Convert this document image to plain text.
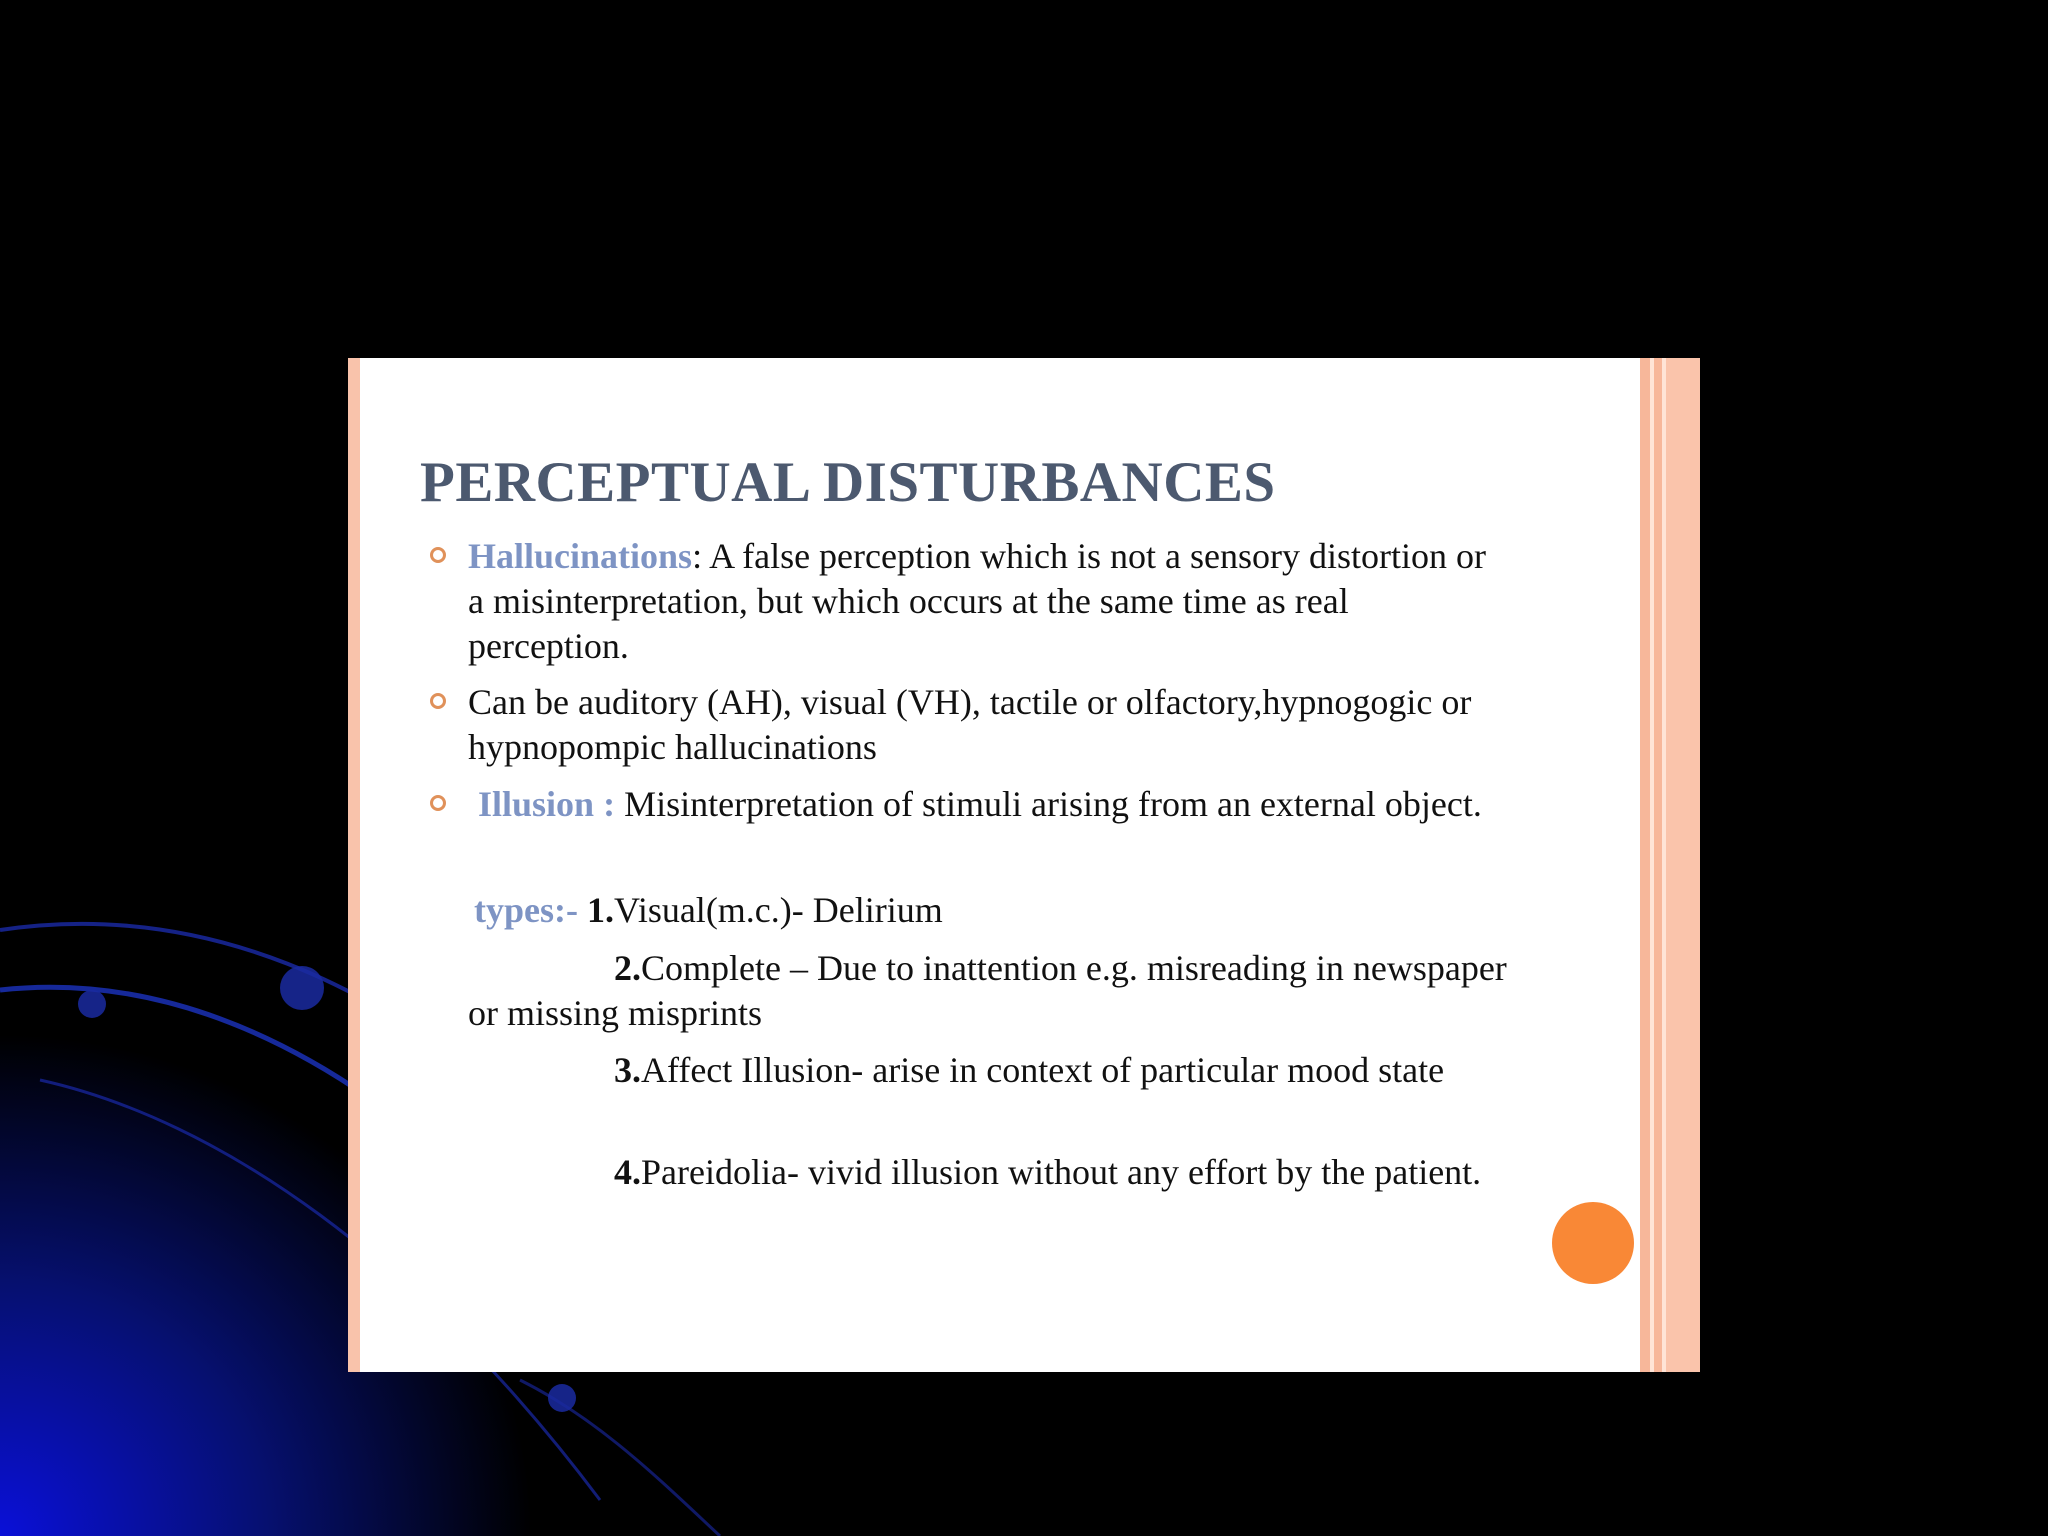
PERCEPTUAL DISTURBANCES
Hallucinations: A false perception which is not a sensory distortion or a misinterpretation, but which occurs at the same time as real perception.
Can be auditory (AH), visual (VH), tactile or olfactory,hypnogogic or hypnopompic hallucinations
Illusion : Misinterpretation of stimuli arising from an external object.
types:- 1.Visual(m.c.)- Delirium
2.Complete – Due to inattention e.g. misreading in newspaper or missing misprints
3.Affect Illusion- arise in context of particular mood state
4.Pareidolia- vivid illusion without any effort by the patient.
